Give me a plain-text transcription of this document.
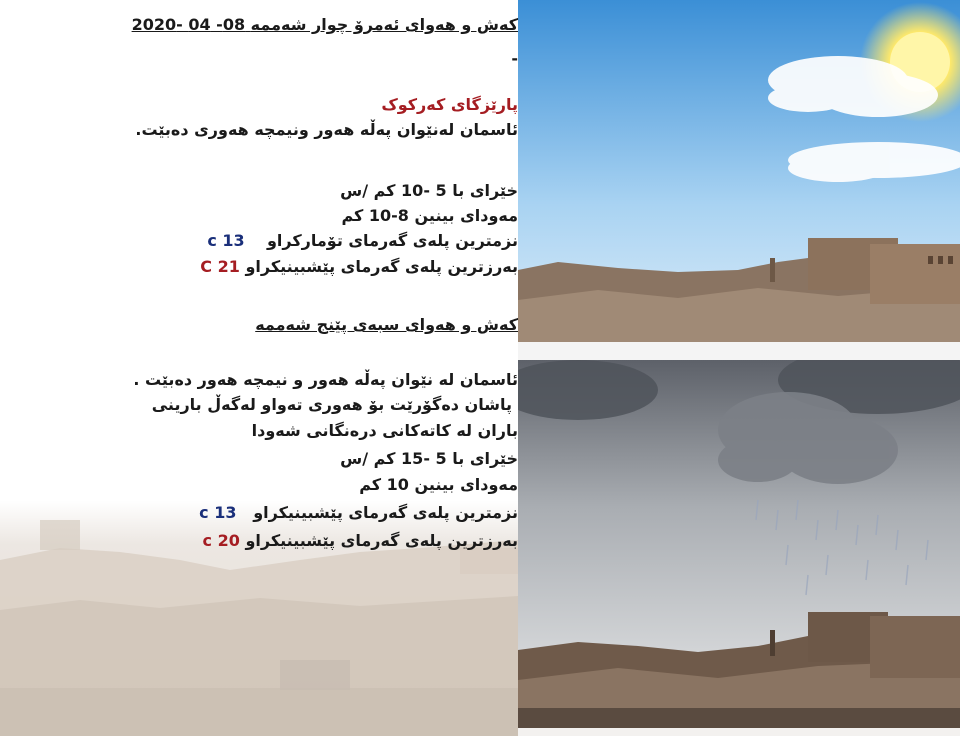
كەش و هەوای ئەمرۆ چوار شەممە 08- 04 -2020
-
پارێزگای کەرکوک
ئاسمان لەنێوان پەڵە هەور ونیمچە هەوری دەبێت.
خێرای با 5 -10 کم /س
مەودای بینین 8-10 کم
نزمترین پلەی گەرمای تۆمارکراو    13 c
بەرزترین پلەی گەرمای پێشبینیکراو 21 C
كەش و هەوای سبەی پێنج شەممە
ئاسمان لە نێوان پەڵە هەور و نیمچە هەور دەبێت .
پاشان دەگۆرێت بۆ هەوری تەواو لەگەڵ بارینی
باران لە کاتەکانی درەنگانی شەودا
خێرای با 5 -15 کم /س
مەودای بینین 10 کم
نزمترین پلەی گەرمای پێشبینیکراو   13 c
بەرزترین پلەی گەرمای پێشبینیکراو 20 c
